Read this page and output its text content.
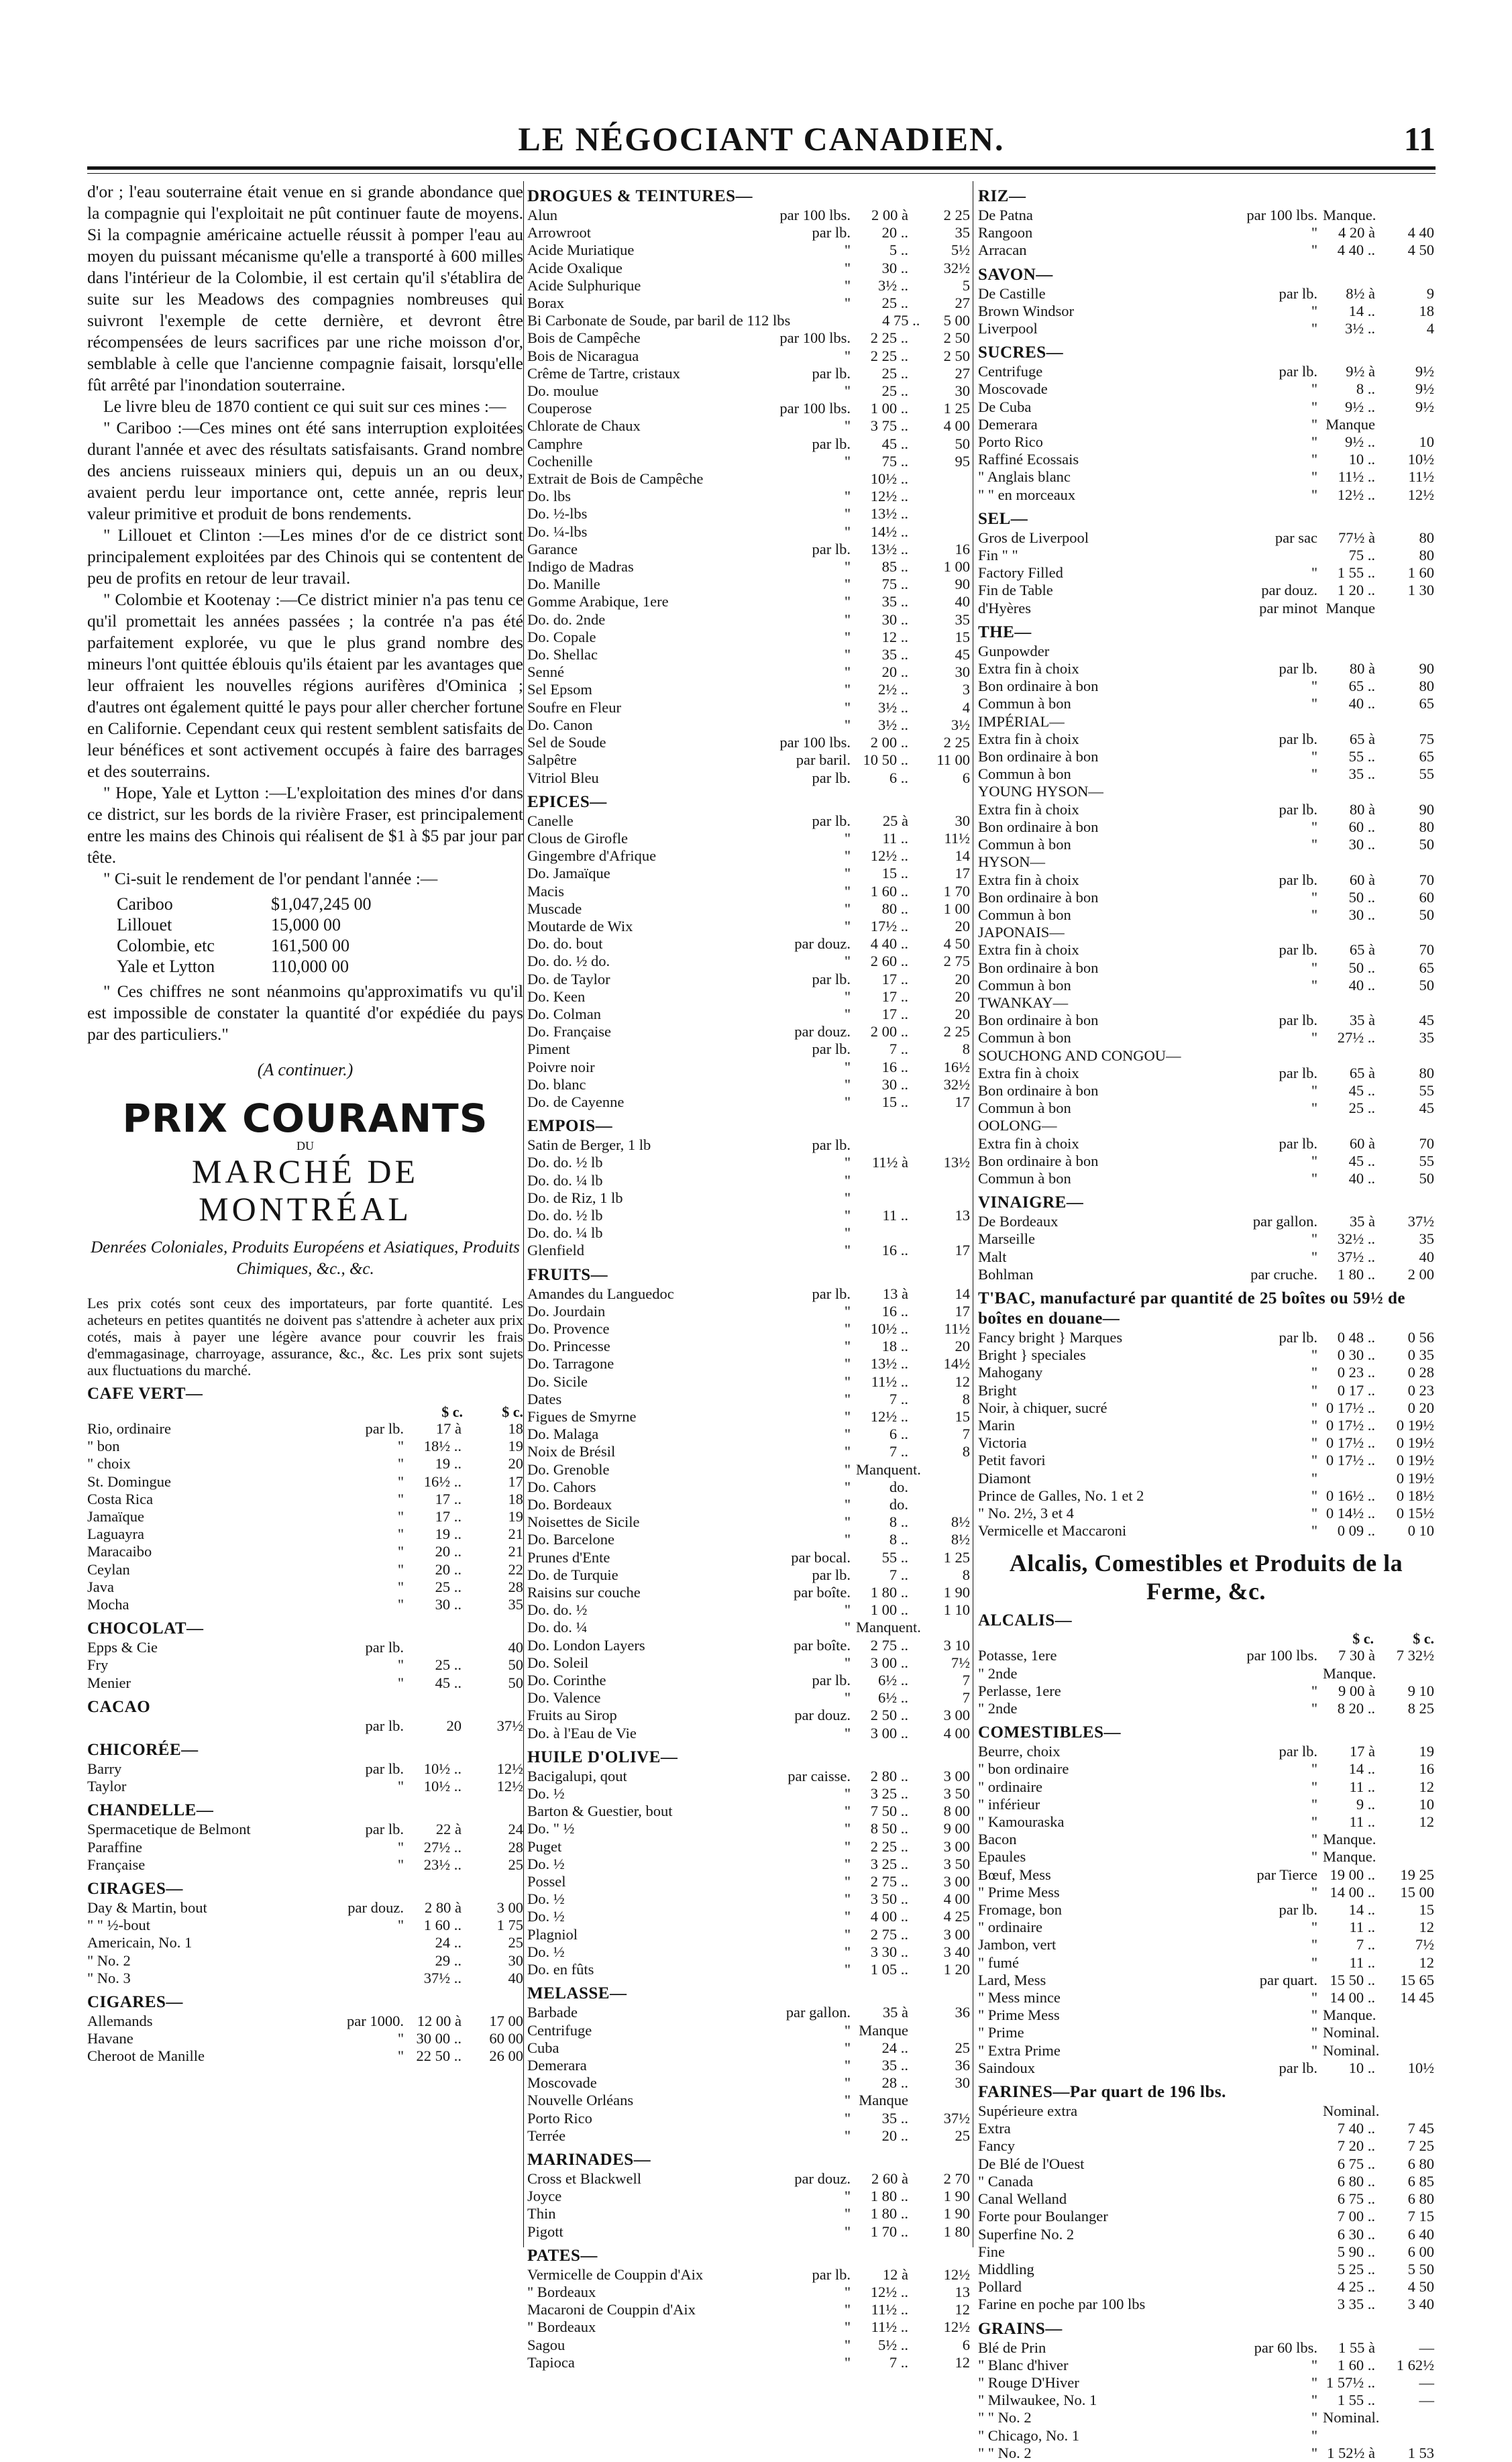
LE NÉGOCIANT CANADIEN.	11

d'or ; l'eau souterraine était venue en si grande abondance que la compagnie qui l'exploitait ne pût continuer faute de moyens. Si la compagnie américaine actuelle réussit à pomper l'eau au moyen du puissant mécanisme qu'elle a transporté à 600 milles dans l'intérieur de la Colombie, il est certain qu'il s'établira de suite sur les Meadows des compagnies nombreuses qui suivront l'exemple de cette dernière, et devront être récompensées de leurs sacrifices par une riche moisson d'or, semblable à celle que l'ancienne compagnie faisait, lorsqu'elle fût arrêté par l'inondation souterraine.

Le livre bleu de 1870 contient ce qui suit sur ces mines :—

" Cariboo :—Ces mines ont été sans interruption exploitées durant l'année et avec des résultats satisfaisants. Grand nombre des anciens ruisseaux miniers qui, depuis un an ou deux, avaient perdu leur importance ont, cette année, repris leur valeur primitive et produit de bons rendements.

" Lillouet et Clinton :—Les mines d'or de ce district sont principalement exploitées par des Chinois qui se contentent de peu de profits en retour de leur travail.

" Colombie et Kootenay :—Ce district minier n'a pas tenu ce qu'il promettait les années passées ; la contrée n'a pas été parfaitement explorée, vu que le plus grand nombre des mineurs l'ont quittée éblouis qu'ils étaient par les avantages que leur offraient les nouvelles régions aurifères d'Ominica ; d'autres ont également quitté le pays pour aller chercher fortune en Californie. Cependant ceux qui restent semblent satisfaits de leur bénéfices et sont activement occupés à faire des barrages et des souterrains.

" Hope, Yale et Lytton :—L'exploitation des mines d'or dans ce district, sur les bords de la rivière Fraser, est principalement entre les mains des Chinois qui réalisent de $1 à $5 par jour par tête.

" Ci-suit le rendement de l'or pendant l'année :—

Cariboo	$1,047,245 00
Lillouet	15,000 00
Colombie, etc	161,500 00
Yale et Lytton	110,000 00

" Ces chiffres ne sont néanmoins qu'approximatifs vu qu'il est impossible de constater la quantité d'or expédiée du pays par des particuliers."

(A continuer.)
PRIX COURANTS
DU
MARCHÉ DE MONTRÉAL
Denrées Coloniales, Produits Européens et Asiatiques, Produits Chimiques, &c., &c.
Les prix cotés sont ceux des importateurs, par forte quantité. Les acheteurs en petites quantités ne doivent pas s'attendre à acheter aux prix cotés, mais à payer une légère avance pour couvrir les frais d'emmagasinage, charroyage, assurance, &c., &c. Les prix sont sujets aux fluctuations du marché.
CAFE VERT—
$ c.	$ c.
Rio, ordinaire	par lb.	17 à	18
" bon	"	18½ ..	19
" choix	"	19 ..	20
St. Domingue	"	16½ ..	17
Costa Rica	"	17 ..	18
Jamaïque	"	17 ..	19
Laguayra	"	19 ..	21
Maracaibo	"	20 ..	21
Ceylan	"	20 ..	22
Java	"	25 ..	28
Mocha	"	30 ..	35
CHOCOLAT—
Epps & Cie	par lb.	40
Fry	"	25 ..	50
Menier	"	45 ..	50
CACAO
par lb.	20	37½
CHICORÉE—
Barry	par lb.	10½ ..	12½
Taylor	"	10½ ..	12½
CHANDELLE—
Spermacetique de Belmont	par lb.	22 à	24
Paraffine	"	27½ ..	28
Française	"	23½ ..	25
CIRAGES—
Day & Martin, bout	par douz.	2 80 à	3 00
" " ½-bout	"	1 60 ..	1 75
Americain, No. 1	24 ..	25
" No. 2	29 ..	30
" No. 3	37½ ..	40
CIGARES—
Allemands	par 1000. 12 00 à	17 00
Havane	" 30 00 ..	60 00
Cheroot de Manille	" 22 50 ..	26 00
DROGUES & TEINTURES—
Alun	par 100 lbs.	2 00 à	2 25
Arrowroot	par lb.	20 ..	35
Acide Muriatique	"	5 ..	5½
Acide Oxalique	"	30 ..	32½
Acide Sulphurique	"	3½ ..	5
Borax	"	25 ..	27
Bi Carbonate de Soude, par baril de 112 lbs	4 75 ..	5 00
Bois de Campêche	par 100 lbs.	2 25 ..	2 50
Bois de Nicaragua	"	2 25 ..	2 50
Crême de Tartre, cristaux	par lb.	25 ..	27
Do. moulue	"	25 ..	30
Couperose	par 100 lbs.	1 00 ..	1 25
Chlorate de Chaux	"	3 75 ..	4 00
Camphre	par lb.	45 ..	50
Cochenille	"	75 ..	95
Extrait de Bois de Campêche	10½ ..
Do. lbs	"	12½ ..
Do. ½-lbs	"	13½ ..
Do. ¼-lbs	"	14½ ..
Garance	par lb.	13½ ..	16
Indigo de Madras	"	85 ..	1 00
Do. Manille	"	75 ..	90
Gomme Arabique, 1ere	"	35 ..	40
Do. do. 2nde	"	30 ..	35
Do. Copale	"	12 ..	15
Do. Shellac	"	35 ..	45
Senné	"	20 ..	30
Sel Epsom	"	2½ ..	3
Soufre en Fleur	"	3½ ..	4
Do. Canon	"	3½ ..	3½
Sel de Soude	par 100 lbs.	2 00 ..	2 25
Salpêtre	par baril. 10 50 ..	11 00
Vitriol Bleu	par lb.	6 ..	6
EPICES—
Canelle	par lb.	25 à	30
Clous de Girofle	"	11 ..	11½
Gingembre d'Afrique	"	12½ ..	14
Do. Jamaïque	"	15 ..	17
Macis	"	1 60 ..	1 70
Muscade	"	80 ..	1 00
Moutarde de Wix	"	17½ ..	20
Do. do. bout	par douz.	4 40 ..	4 50
Do. do. ½ do.	"	2 60 ..	2 75
Do. de Taylor	par lb.	17 ..	20
Do. Keen	"	17 ..	20
Do. Colman	"	17 ..	20
Do. Française	par douz.	2 00 ..	2 25
Piment	par lb.	7 ..	8
Poivre noir	"	16 ..	16½
Do. blanc	"	30 ..	32½
Do. de Cayenne	"	15 ..	17
EMPOIS—
Satin de Berger, 1 lb	par lb.
Do. do. ½ lb	"	11½ à	13½
Do. do. ¼ lb	"
Do. de Riz, 1 lb	"
Do. do. ½ lb	"	11 ..	13
Do. do. ¼ lb	"
Glenfield	"	16 ..	17
FRUITS—
Amandes du Languedoc	par lb.	13 à	14
Do. Jourdain	"	16 ..	17
Do. Provence	"	10½ ..	11½
Do. Princesse	"	18 ..	20
Do. Tarragone	"	13½ ..	14½
Do. Sicile	"	11½ ..	12
Dates	"	7 ..	8
Figues de Smyrne	"	12½ ..	15
Do. Malaga	"	6 ..	7
Noix de Brésil	"	7 ..	8
Do. Grenoble	" Manquent.
Do. Cahors	"	do.
Do. Bordeaux	"	do.
Noisettes de Sicile	"	8 ..	8½
Do. Barcelone	"	8 ..	8½
Prunes d'Ente	par bocal.	55 ..	1 25
Do. de Turquie	par lb.	7 ..	8
Raisins sur couche	par boîte.	1 80 ..	1 90
Do. do. ½	"	1 00 ..	1 10
Do. do. ¼	" Manquent.
Do. London Layers	par boîte.	2 75 ..	3 10
Do. Soleil	"	3 00 ..	7½
Do. Corinthe	par lb.	6½ ..	7
Do. Valence	"	6½ ..	7
Fruits au Sirop	par douz.	2 50 ..	3 00
Do. à l'Eau de Vie	"	3 00 ..	4 00
HUILE D'OLIVE—
Bacigalupi, qout	par caisse.	2 80 ..	3 00
Do. ½	"	3 25 ..	3 50
Barton & Guestier, bout	"	7 50 ..	8 00
Do. " ½	"	8 50 ..	9 00
Puget	"	2 25 ..	3 00
Do. ½	"	3 25 ..	3 50
Possel	"	2 75 ..	3 00
Do. ½	"	3 50 ..	4 00
Do. ½	"	4 00 ..	4 25
Plagniol	"	2 75 ..	3 00
Do. ½	"	3 30 ..	3 40
Do. en fûts	"	1 05 ..	1 20
MELASSE—
Barbade	par gallon.	35 à	36
Centrifuge	" Manque
Cuba	"	24 ..	25
Demerara	"	35 ..	36
Moscovade	"	28 ..	30
Nouvelle Orléans	" Manque
Porto Rico	"	35 ..	37½
Terrée	"	20 ..	25
MARINADES—
Cross et Blackwell	par douz.	2 60 à	2 70
Joyce	"	1 80 ..	1 90
Thin	"	1 80 ..	1 90
Pigott	"	1 70 ..	1 80
PATES—
Vermicelle de Couppin d'Aix	par lb.	12 à	12½
" Bordeaux	"	12½ ..	13
Macaroni de Couppin d'Aix	"	11½ ..	12
" Bordeaux	"	11½ ..	12½
Sagou	"	5½ ..	6
Tapioca	"	7 ..	12
RIZ—
De Patna	par 100 lbs. Manque.
Rangoon	"	4 20 à	4 40
Arracan	"	4 40 ..	4 50
SAVON—
De Castille	par lb.	8½ à	9
Brown Windsor	"	14 ..	18
Liverpool	"	3½ ..	4
SUCRES—
Centrifuge	par lb.	9½ à	9½
Moscovade	"	8 ..	9½
De Cuba	"	9½ ..	9½
Demerara	" Manque
Porto Rico	"	9½ ..	10
Raffiné Ecossais	"	10 ..	10½
" Anglais blanc	"	11½ ..	11½
" " en morceaux	"	12½ ..	12½
SEL—
Gros de Liverpool	par sac	77½ à	80
Fin " "	75 ..	80
Factory Filled	"	1 55 ..	1 60
Fin de Table	par douz.	1 20 ..	1 30
d'Hyères	par minot Manque
THE—
Gunpowder
Extra fin à choix	par lb.	80 à	90
Bon ordinaire à bon	"	65 ..	80
Commun à bon	"	40 ..	65
IMPÉRIAL—
Extra fin à choix	par lb.	65 à	75
Bon ordinaire à bon	"	55 ..	65
Commun à bon	"	35 ..	55
YOUNG HYSON—
Extra fin à choix	par lb.	80 à	90
Bon ordinaire à bon	"	60 ..	80
Commun à bon	"	30 ..	50
HYSON—
Extra fin à choix	par lb.	60 à	70
Bon ordinaire à bon	"	50 ..	60
Commun à bon	"	30 ..	50
JAPONAIS—
Extra fin à choix	par lb.	65 à	70
Bon ordinaire à bon	"	50 ..	65
Commun à bon	"	40 ..	50
TWANKAY—
Bon ordinaire à bon	par lb.	35 à	45
Commun à bon	"	27½ ..	35
SOUCHONG AND CONGOU—
Extra fin à choix	par lb.	65 à	80
Bon ordinaire à bon	"	45 ..	55
Commun à bon	"	25 ..	45
OOLONG—
Extra fin à choix	par lb.	60 à	70
Bon ordinaire à bon	"	45 ..	55
Commun à bon	"	40 ..	50
VINAIGRE—
De Bordeaux	par gallon.	35 à	37½
Marseille	"	32½ ..	35
Malt	"	37½ ..	40
Bohlman	par cruche.	1 80 ..	2 00
T'BAC, manufacturé par quantité de 25 boîtes ou 59½ de boîtes en douane—
Fancy bright } Marques	par lb.	0 48 ..	0 56
Bright } speciales	"	0 30 ..	0 35
Mahogany	"	0 23 ..	0 28
Bright	"	0 17 ..	0 23
Noir, à chiquer, sucré	" 0 17½ ..	0 20
Marin	" 0 17½ ..	0 19½
Victoria	" 0 17½ ..	0 19½
Petit favori	" 0 17½ ..	0 19½
Diamont	"	0 19½
Prince de Galles, No. 1 et 2	" 0 16½ ..	0 18½
" No. 2½, 3 et 4	" 0 14½ ..	0 15½
Vermicelle et Maccaroni	"	0 09 ..	0 10
Alcalis, Comestibles et Produits de la Ferme, &c.
ALCALIS—
$ c.	$ c.
Potasse, 1ere	par 100 lbs.	7 30 à	7 32½
" 2nde	Manque.
Perlasse, 1ere	"	9 00 à	9 10
" 2nde	"	8 20 ..	8 25
COMESTIBLES—
Beurre, choix	par lb.	17 à	19
" bon ordinaire	"	14 ..	16
" ordinaire	"	11 ..	12
" inférieur	"	9 ..	10
" Kamouraska	"	11 ..	12
Bacon	" Manque.
Epaules	" Manque.
Bœuf, Mess	par Tierce 19 00 ..	19 25
" Prime Mess	" 14 00 ..	15 00
Fromage, bon	par lb.	14 ..	15
" ordinaire	"	11 ..	12
Jambon, vert	"	7 ..	7½
" fumé	"	11 ..	12
Lard, Mess	par quart. 15 50 ..	15 65
" Mess mince	" 14 00 ..	14 45
" Prime Mess	" Manque.
" Prime	" Nominal.
" Extra Prime	" Nominal.
Saindoux	par lb.	10 ..	10½
FARINES—Par quart de 196 lbs.
Supérieure extra	Nominal.
Extra	7 40 ..	7 45
Fancy	7 20 ..	7 25
De Blé de l'Ouest	6 75 ..	6 80
" Canada	6 80 ..	6 85
Canal Welland	6 75 ..	6 80
Forte pour Boulanger	7 00 ..	7 15
Superfine No. 2	6 30 ..	6 40
Fine	5 90 ..	6 00
Middling	5 25 ..	5 50
Pollard	4 25 ..	4 50
Farine en poche par 100 lbs	3 35 ..	3 40
GRAINS—
Blé de Prin	par 60 lbs.	1 55 à	—
" Blanc d'hiver	"	1 60 ..	1 62½
" Rouge D'Hiver	" 1 57½ ..	—
" Milwaukee, No. 1	"	1 55 ..	—
" " No. 2	" Nominal.
" Chicago, No. 1	"
" " No. 2	" 1 52½ à	1 53
